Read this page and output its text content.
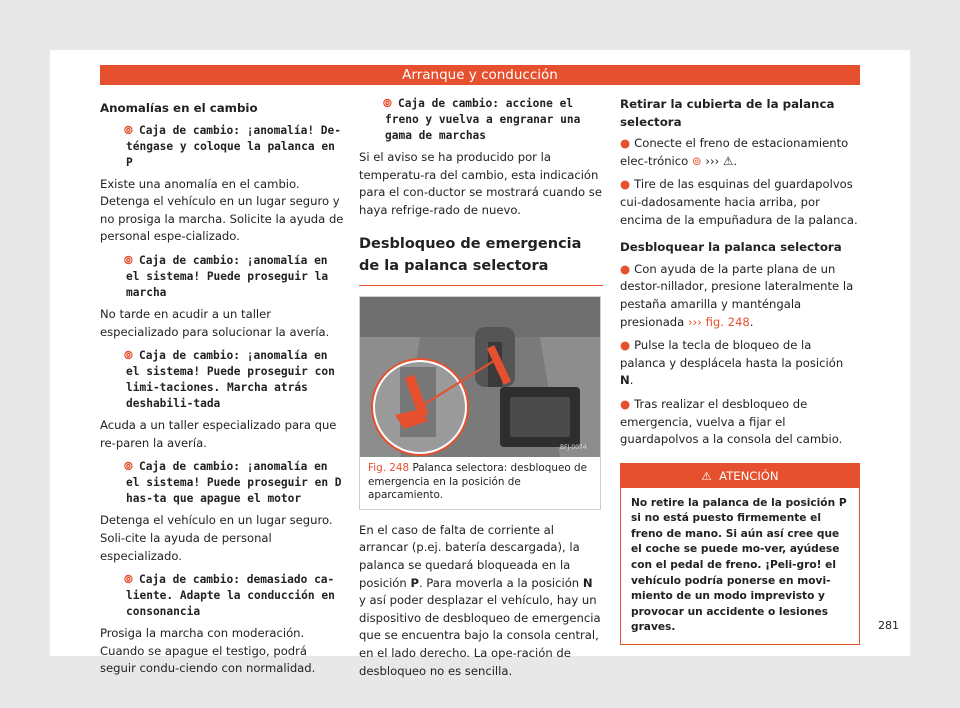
Arranque y conducción
Anomalías en el cambio
⦾ Caja de cambio: ¡anomalía! De-téngase y coloque la palanca en P

Existe una anomalía en el cambio. Detenga el vehículo en un lugar seguro y no prosiga la marcha. Solicite la ayuda de personal espe-cializado.

⦾ Caja de cambio: ¡anomalía en el sistema! Puede proseguir la marcha

No tarde en acudir a un taller especializado para solucionar la avería.

⦾ Caja de cambio: ¡anomalía en el sistema! Puede proseguir con limi-taciones. Marcha atrás deshabili-tada

Acuda a un taller especializado para que re-paren la avería.

⦾ Caja de cambio: ¡anomalía en el sistema! Puede proseguir en D has-ta que apague el motor

Detenga el vehículo en un lugar seguro. Soli-cite la ayuda de personal especializado.

⦾ Caja de cambio: demasiado ca-liente. Adapte la conducción en consonancia

Prosiga la marcha con moderación. Cuando se apague el testigo, podrá seguir condu-ciendo con normalidad.

⦾ Caja de cambio: accione el freno y vuelva a engranar una gama de marchas

Si el aviso se ha producido por la temperatu-ra del cambio, esta indicación para el con-ductor se mostrará cuando se haya refrige-rado de nuevo.

Desbloqueo de emergencia de la palanca selectora
BFJ-0074
Fig. 248 Palanca selectora: desbloqueo de emergencia en la posición de aparcamiento.

En el caso de falta de corriente al arrancar (p.ej. batería descargada), la palanca se quedará bloqueada en la posición P. Para moverla a la posición N y así poder desplazar el vehículo, hay un dispositivo de desbloqueo de emergencia que se encuentra bajo la consola central, en el lado derecho. La ope-ración de desbloqueo no es sencilla.

Retirar la cubierta de la palanca selectora
● Conecte el freno de estacionamiento elec-trónico ⊚ ››› ⚠.
● Tire de las esquinas del guardapolvos cui-dadosamente hacia arriba, por encima de la empuñadura de la palanca.
Desbloquear la palanca selectora
● Con ayuda de la parte plana de un destor-nillador, presione lateralmente la pestaña amarilla y manténgala presionada ››› fig. 248.
● Pulse la tecla de bloqueo de la palanca y desplácela hasta la posición N.
● Tras realizar el desbloqueo de emergencia, vuelva a fijar el guardapolvos a la consola del cambio.
⚠ ATENCIÓN
No retire la palanca de la posición P si no está puesto firmemente el freno de mano. Si aún así cree que el coche se puede mo-ver, ayúdese con el pedal de freno. ¡Peli-gro! el vehículo podría ponerse en movi-miento de un modo imprevisto y provocar un accidente o lesiones graves.	281
